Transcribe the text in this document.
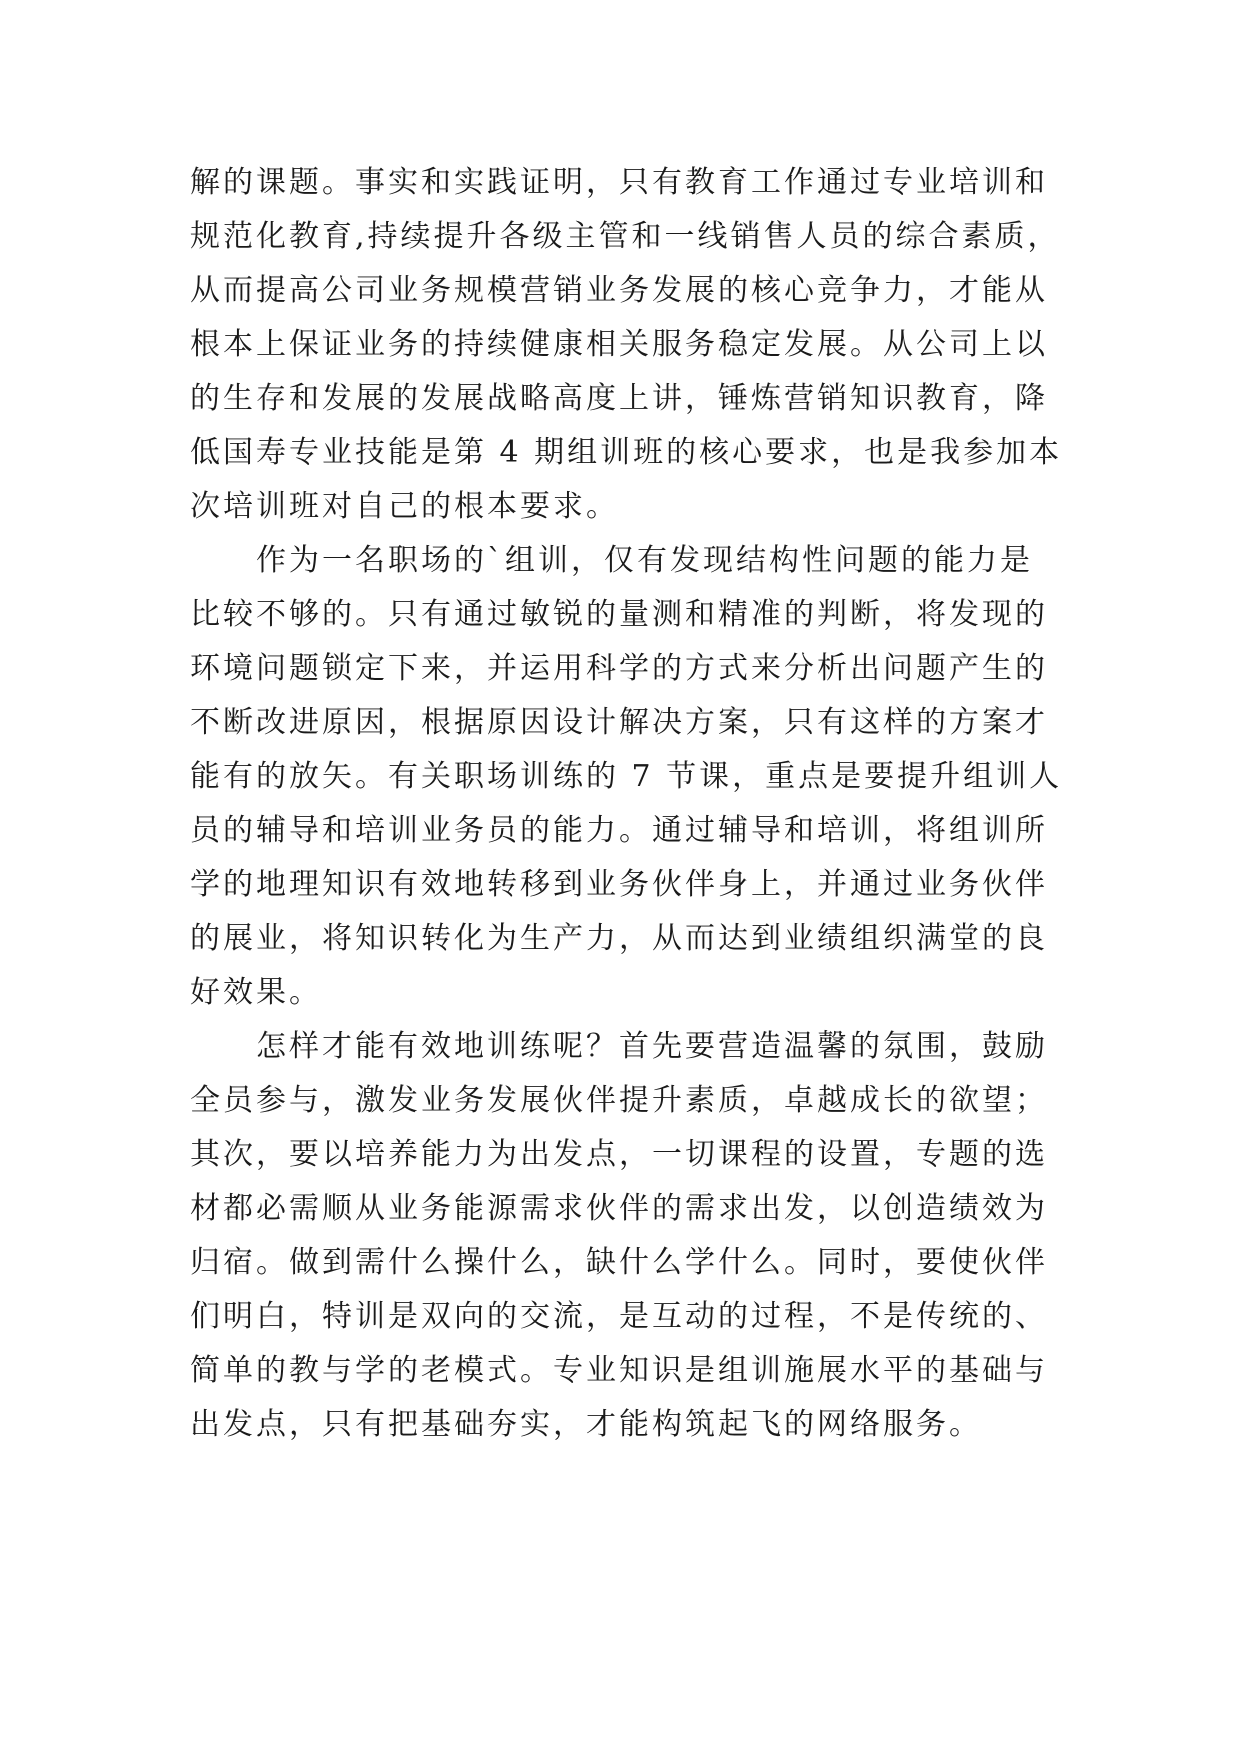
解的课题。事实和实践证明，只有教育工作通过专业培训和
规范化教育,持续提升各级主管和一线销售人员的综合素质，
从而提高公司业务规模营销业务发展的核心竞争力，才能从
根本上保证业务的持续健康相关服务稳定发展。从公司上以
的生存和发展的发展战略高度上讲，锤炼营销知识教育，降
低国寿专业技能是第 4 期组训班的核心要求，也是我参加本
次培训班对自己的根本要求。
作为一名职场的`组训，仅有发现结构性问题的能力是
比较不够的。只有通过敏锐的量测和精准的判断，将发现的
环境问题锁定下来，并运用科学的方式来分析出问题产生的
不断改进原因，根据原因设计解决方案，只有这样的方案才
能有的放矢。有关职场训练的 7 节课，重点是要提升组训人
员的辅导和培训业务员的能力。通过辅导和培训，将组训所
学的地理知识有效地转移到业务伙伴身上，并通过业务伙伴
的展业，将知识转化为生产力，从而达到业绩组织满堂的良
好效果。
怎样才能有效地训练呢？首先要营造温馨的氛围，鼓励
全员参与，激发业务发展伙伴提升素质，卓越成长的欲望；
其次，要以培养能力为出发点，一切课程的设置，专题的选
材都必需顺从业务能源需求伙伴的需求出发，以创造绩效为
归宿。做到需什么操什么，缺什么学什么。同时，要使伙伴
们明白，特训是双向的交流，是互动的过程，不是传统的、
简单的教与学的老模式。专业知识是组训施展水平的基础与
出发点，只有把基础夯实，才能构筑起飞的网络服务。
